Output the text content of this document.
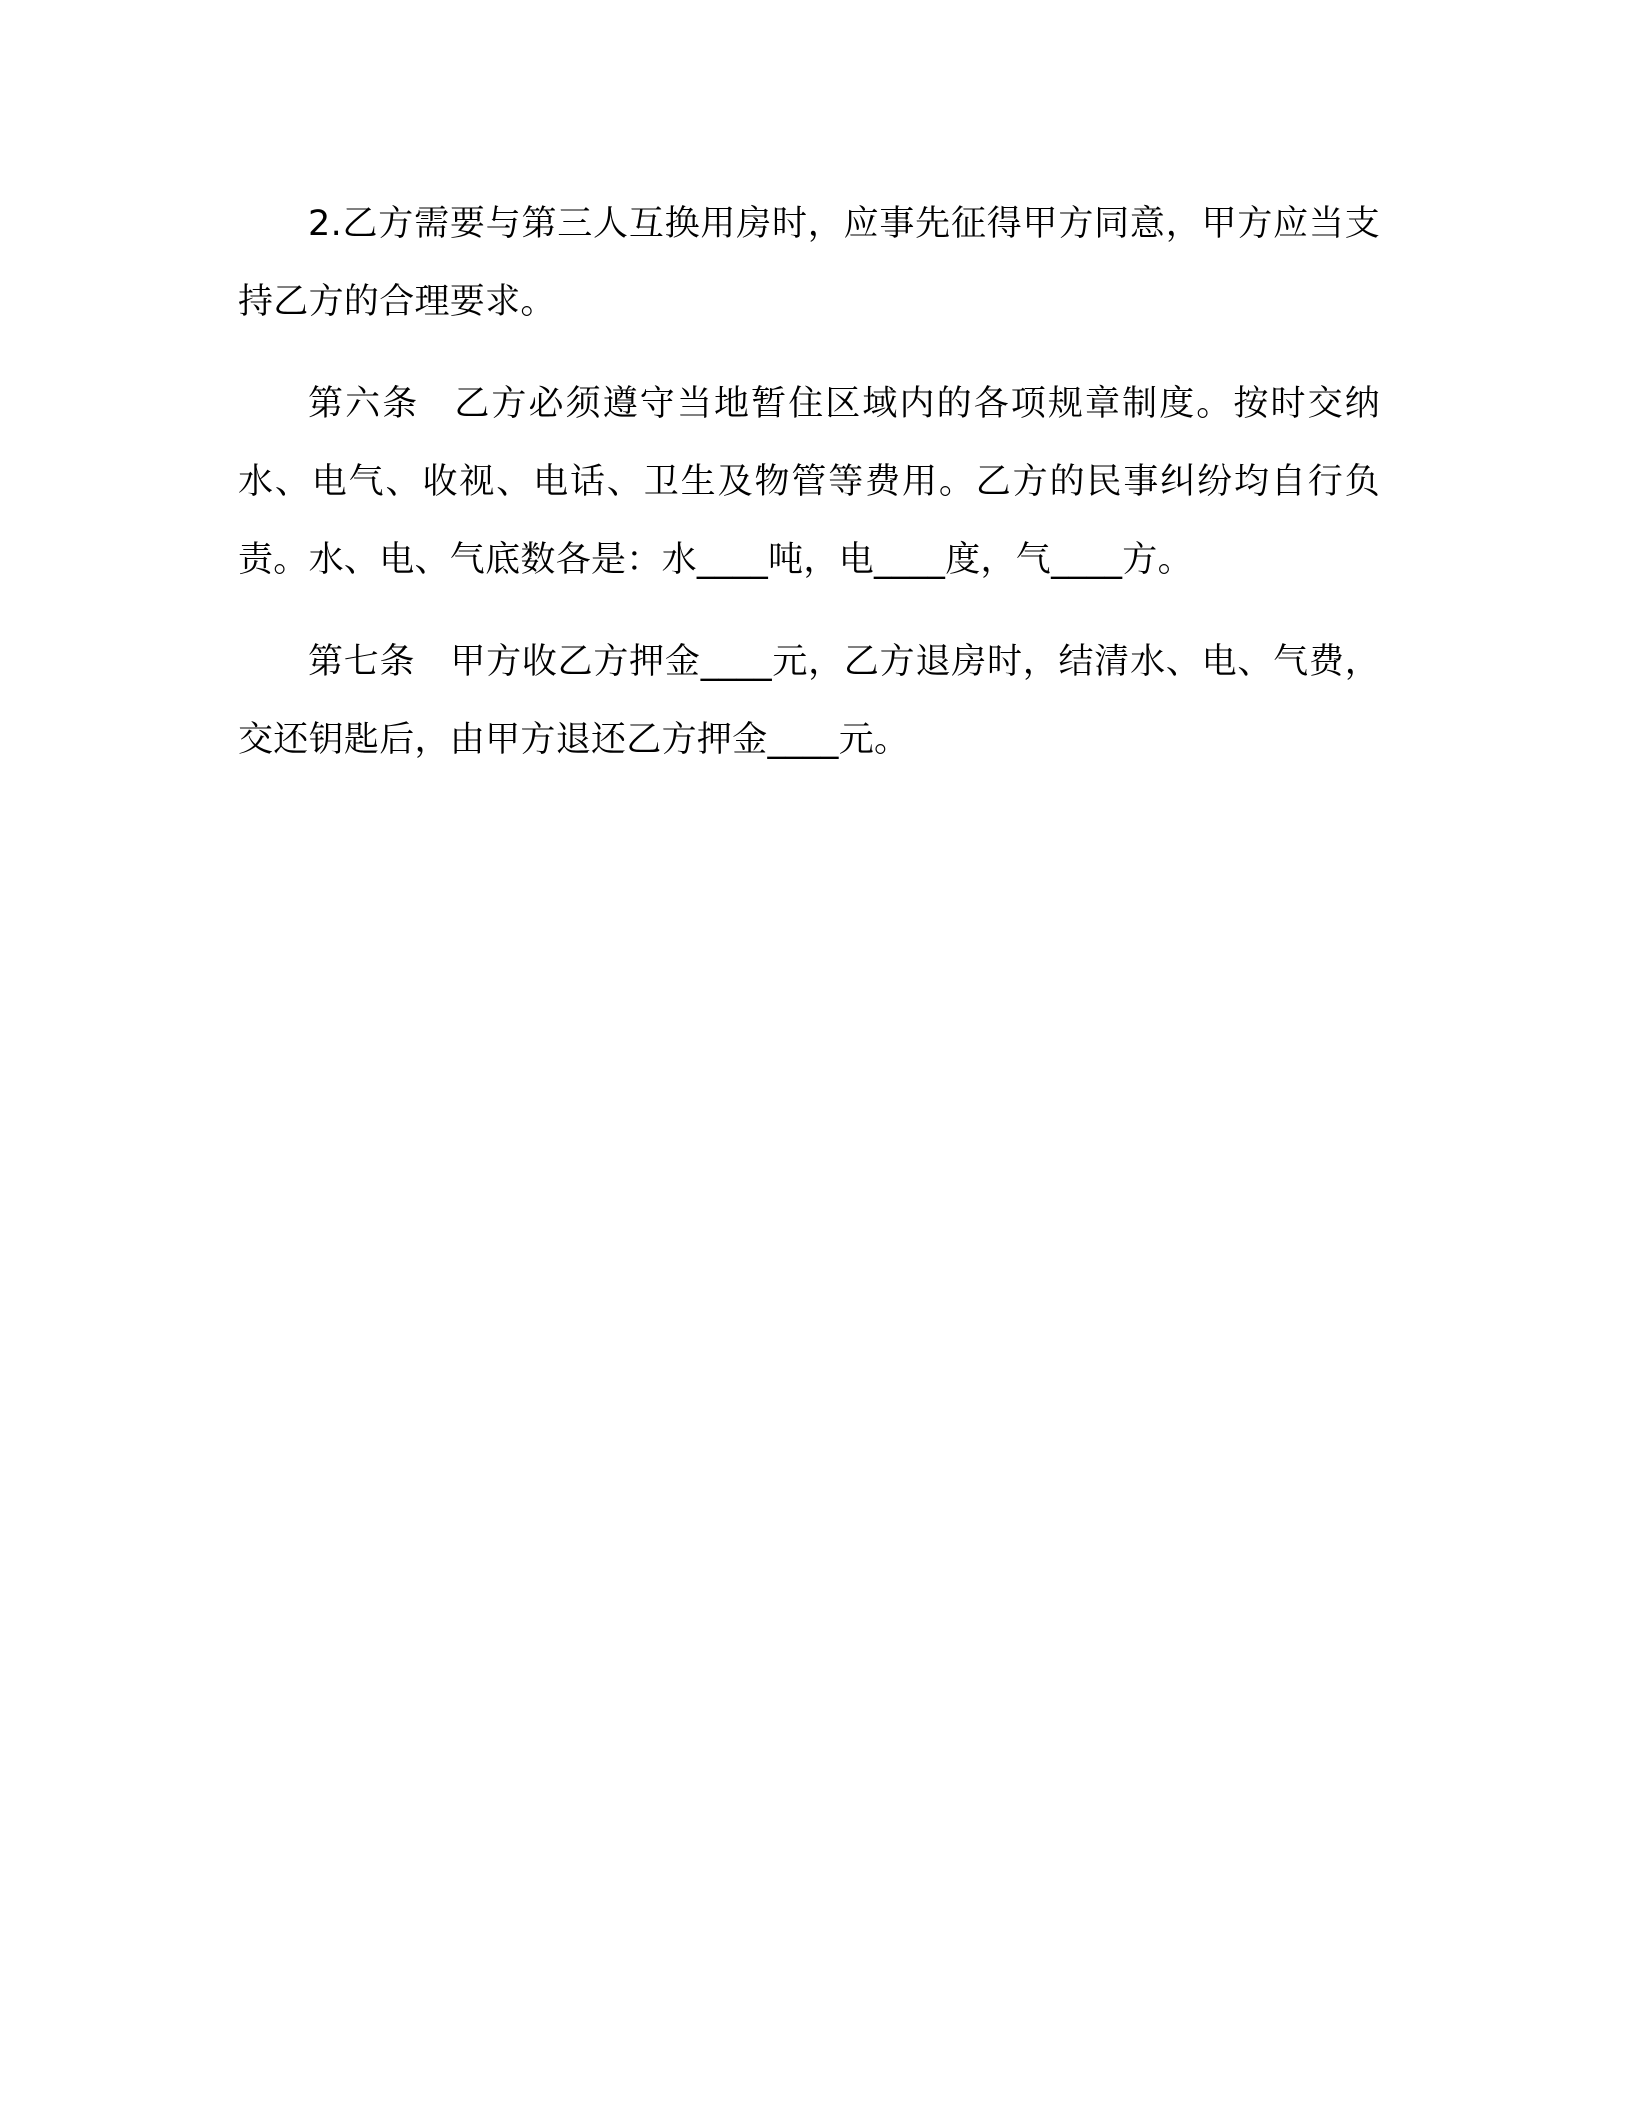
2.乙方需要与第三人互换用房时，应事先征得甲方同意，甲方应当支持乙方的合理要求。

第六条 乙方必须遵守当地暂住区域内的各项规章制度。按时交纳水、电气、收视、电话、卫生及物管等费用。乙方的民事纠纷均自行负责。水、电、气底数各是：水____吨，电____度，气____方。

第七条 甲方收乙方押金____元，乙方退房时，结清水、电、气费，交还钥匙后，由甲方退还乙方押金____元。
